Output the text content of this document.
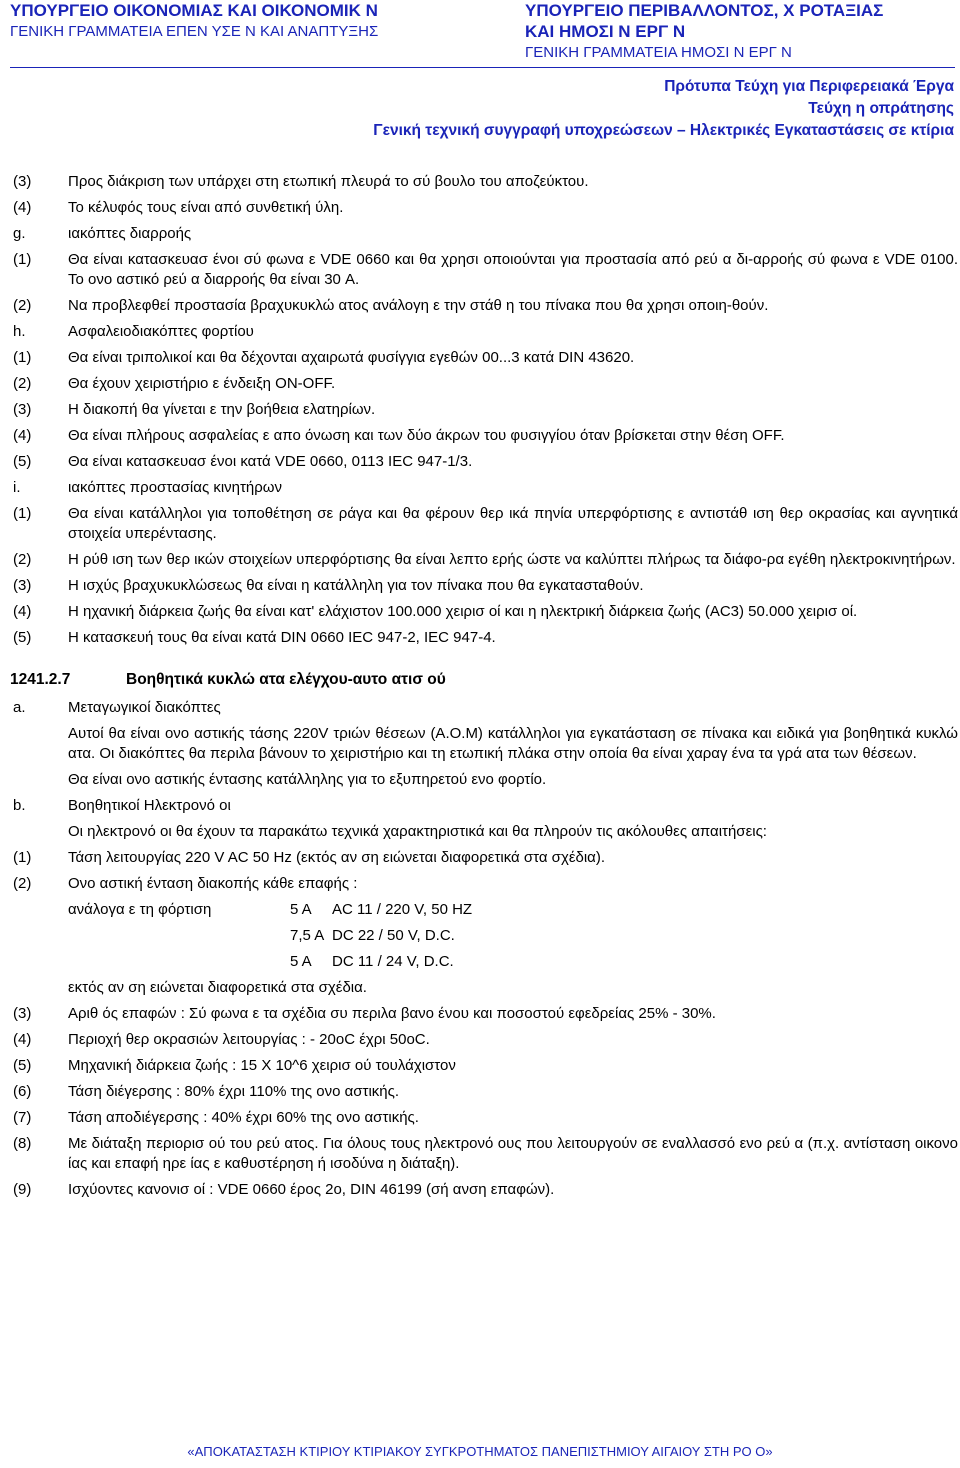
ΥΠΟΥΡΓΕΙΟ ΟΙΚΟΝΟΜΙΑΣ ΚΑΙ ΟΙΚΟΝΟΜΙΚ Ν

ΓΕΝΙΚΗ ΓΡΑΜΜΑΤΕΙΑ ΕΠΕΝ ΥΣΕ Ν ΚΑΙ ΑΝΑΠΤΥΞΗΣ

ΥΠΟΥΡΓΕΙΟ ΠΕΡΙΒΑΛΛΟΝΤΟΣ, Χ ΡΟΤΑΞΙΑΣ

ΚΑΙ ΗΜΟΣΙ Ν ΕΡΓ Ν

ΓΕΝΙΚΗ ΓΡΑΜΜΑΤΕΙΑ ΗΜΟΣΙ Ν ΕΡΓ Ν

Πρότυπα Τεύχη για Περιφερειακά Έργα
Τεύχη η οπράτησης
Γενική τεχνική συγγραφή υποχρεώσεων – Ηλεκτρικές Εγκαταστάσεις σε κτίρια
(3) Προς διάκριση των υπάρχει στη ετωπική πλευρά το σύ βουλο του αποζεύκτου.
(4) Το κέλυφός τους είναι από συνθετική ύλη.
g.	ιακόπτες διαρροής
(1) Θα είναι κατασκευασ ένοι σύ φωνα ε VDE 0660 και θα χρησι οποιούνται για προστασία από ρεύ α δι-αρροής σύ φωνα ε VDE 0100. Το ονο αστικό ρεύ α διαρροής θα είναι 30 A.
(2) Να προβλεφθεί προστασία βραχυκυκλώ ατος ανάλογη ε την στάθ η του πίνακα που θα χρησι οποιη-θούν.
h.	Ασφαλειοδιακόπτες φορτίου
(1) Θα είναι τριπολικοί και θα δέχονται αχαιρωτά φυσίγγια εγεθών 00...3 κατά DIN 43620.
(2) Θα έχουν χειριστήριο ε ένδειξη ON-OFF.
(3) Η διακοπή θα γίνεται ε την βοήθεια ελατηρίων.
(4) Θα είναι πλήρους ασφαλείας ε απο όνωση και των δύο άκρων του φυσιγγίου όταν βρίσκεται στην θέση OFF.
(5) Θα είναι κατασκευασ ένοι κατά VDE 0660, 0113 IEC 947-1/3.
i.	ιακόπτες προστασίας κινητήρων
(1) Θα είναι κατάλληλοι για τοποθέτηση σε ράγα και θα φέρουν θερ ικά πηνία υπερφόρτισης ε αντιστάθ ιση θερ οκρασίας και αγνητικά στοιχεία υπερέντασης.
(2) Η ρύθ ιση των θερ ικών στοιχείων υπερφόρτισης θα είναι λεπτο ερής ώστε να καλύπτει πλήρως τα διάφο-ρα εγέθη ηλεκτροκινητήρων.
(3) Η ισχύς βραχυκυκλώσεως θα είναι η κατάλληλη για τον πίνακα που θα εγκατασταθούν.
(4) Η ηχανική διάρκεια ζωής θα είναι κατ' ελάχιστον 100.000 χειρισ οί και η ηλεκτρική διάρκεια ζωής (AC3) 50.000 χειρισ οί.
(5) Η κατασκευή τους θα είναι κατά DIN 0660 IEC 947-2, IEC 947-4.
1241.2.7	Βοηθητικά κυκλώ ατα ελέγχου-αυτο ατισ ού
a.	Μεταγωγικοί διακόπτες
Αυτοί θα είναι ονο αστικής τάσης 220V τριών θέσεων (Α.Ο.Μ) κατάλληλοι για εγκατάσταση σε πίνακα και ειδικά για βοηθητικά κυκλώ ατα. Οι διακόπτες θα περιλα βάνουν το χειριστήριο και τη ετωπική πλάκα στην οποία θα είναι χαραγ ένα τα γρά ατα των θέσεων.
Θα είναι ονο αστικής έντασης κατάλληλης για το εξυπηρετού ενο φορτίο.
b.	Βοηθητικοί Ηλεκτρονό οι
Οι ηλεκτρονό οι θα έχουν τα παρακάτω τεχνικά χαρακτηριστικά και θα πληρούν τις ακόλουθες απαιτήσεις:
(1) Τάση λειτουργίας 220 V AC 50 Hz (εκτός αν ση ειώνεται διαφορετικά στα σχέδια).
(2) Ονο αστική ένταση διακοπής κάθε επαφής :
ανάλογα ε τη φόρτιση	5 A	AC 11 / 220 V, 50 HZ
	7,5 A	DC 22 / 50 V, D.C.
	5 A	DC 11 / 24 V, D.C.
εκτός αν ση ειώνεται διαφορετικά στα σχέδια.
(3) Αριθ ός επαφών : Σύ φωνα ε τα σχέδια συ περιλα βανο ένου και ποσοστού εφεδρείας 25% - 30%.
(4) Περιοχή θερ οκρασιών λειτουργίας : - 20oC έχρι 50oC.
(5) Μηχανική διάρκεια ζωής : 15 X 10^6 χειρισ ού τουλάχιστον
(6) Τάση διέγερσης : 80% έχρι 110% της ονο αστικής.
(7) Τάση αποδιέγερσης : 40% έχρι 60% της ονο αστικής.
(8) Με διάταξη περιορισ ού του ρεύ ατος. Για όλους τους ηλεκτρονό ους που λειτουργούν σε εναλλασσό ενο ρεύ α (π.χ. αντίσταση οικονο ίας και επαφή ηρε ίας ε καθυστέρηση ή ισοδύνα η διάταξη).
(9) Ισχύοντες κανονισ οί : VDE 0660 έρος 2ο, DIN 46199 (σή ανση επαφών).
«ΑΠΟΚΑΤΑΣΤΑΣΗ ΚΤΙΡΙΟΥ ΚΤΙΡΙΑΚΟΥ ΣΥΓΚΡΟΤΗΜΑΤΟΣ ΠΑΝΕΠΙΣΤΗΜΙΟΥ ΑΙΓΑΙΟΥ ΣΤΗ ΡΟ Ο»
